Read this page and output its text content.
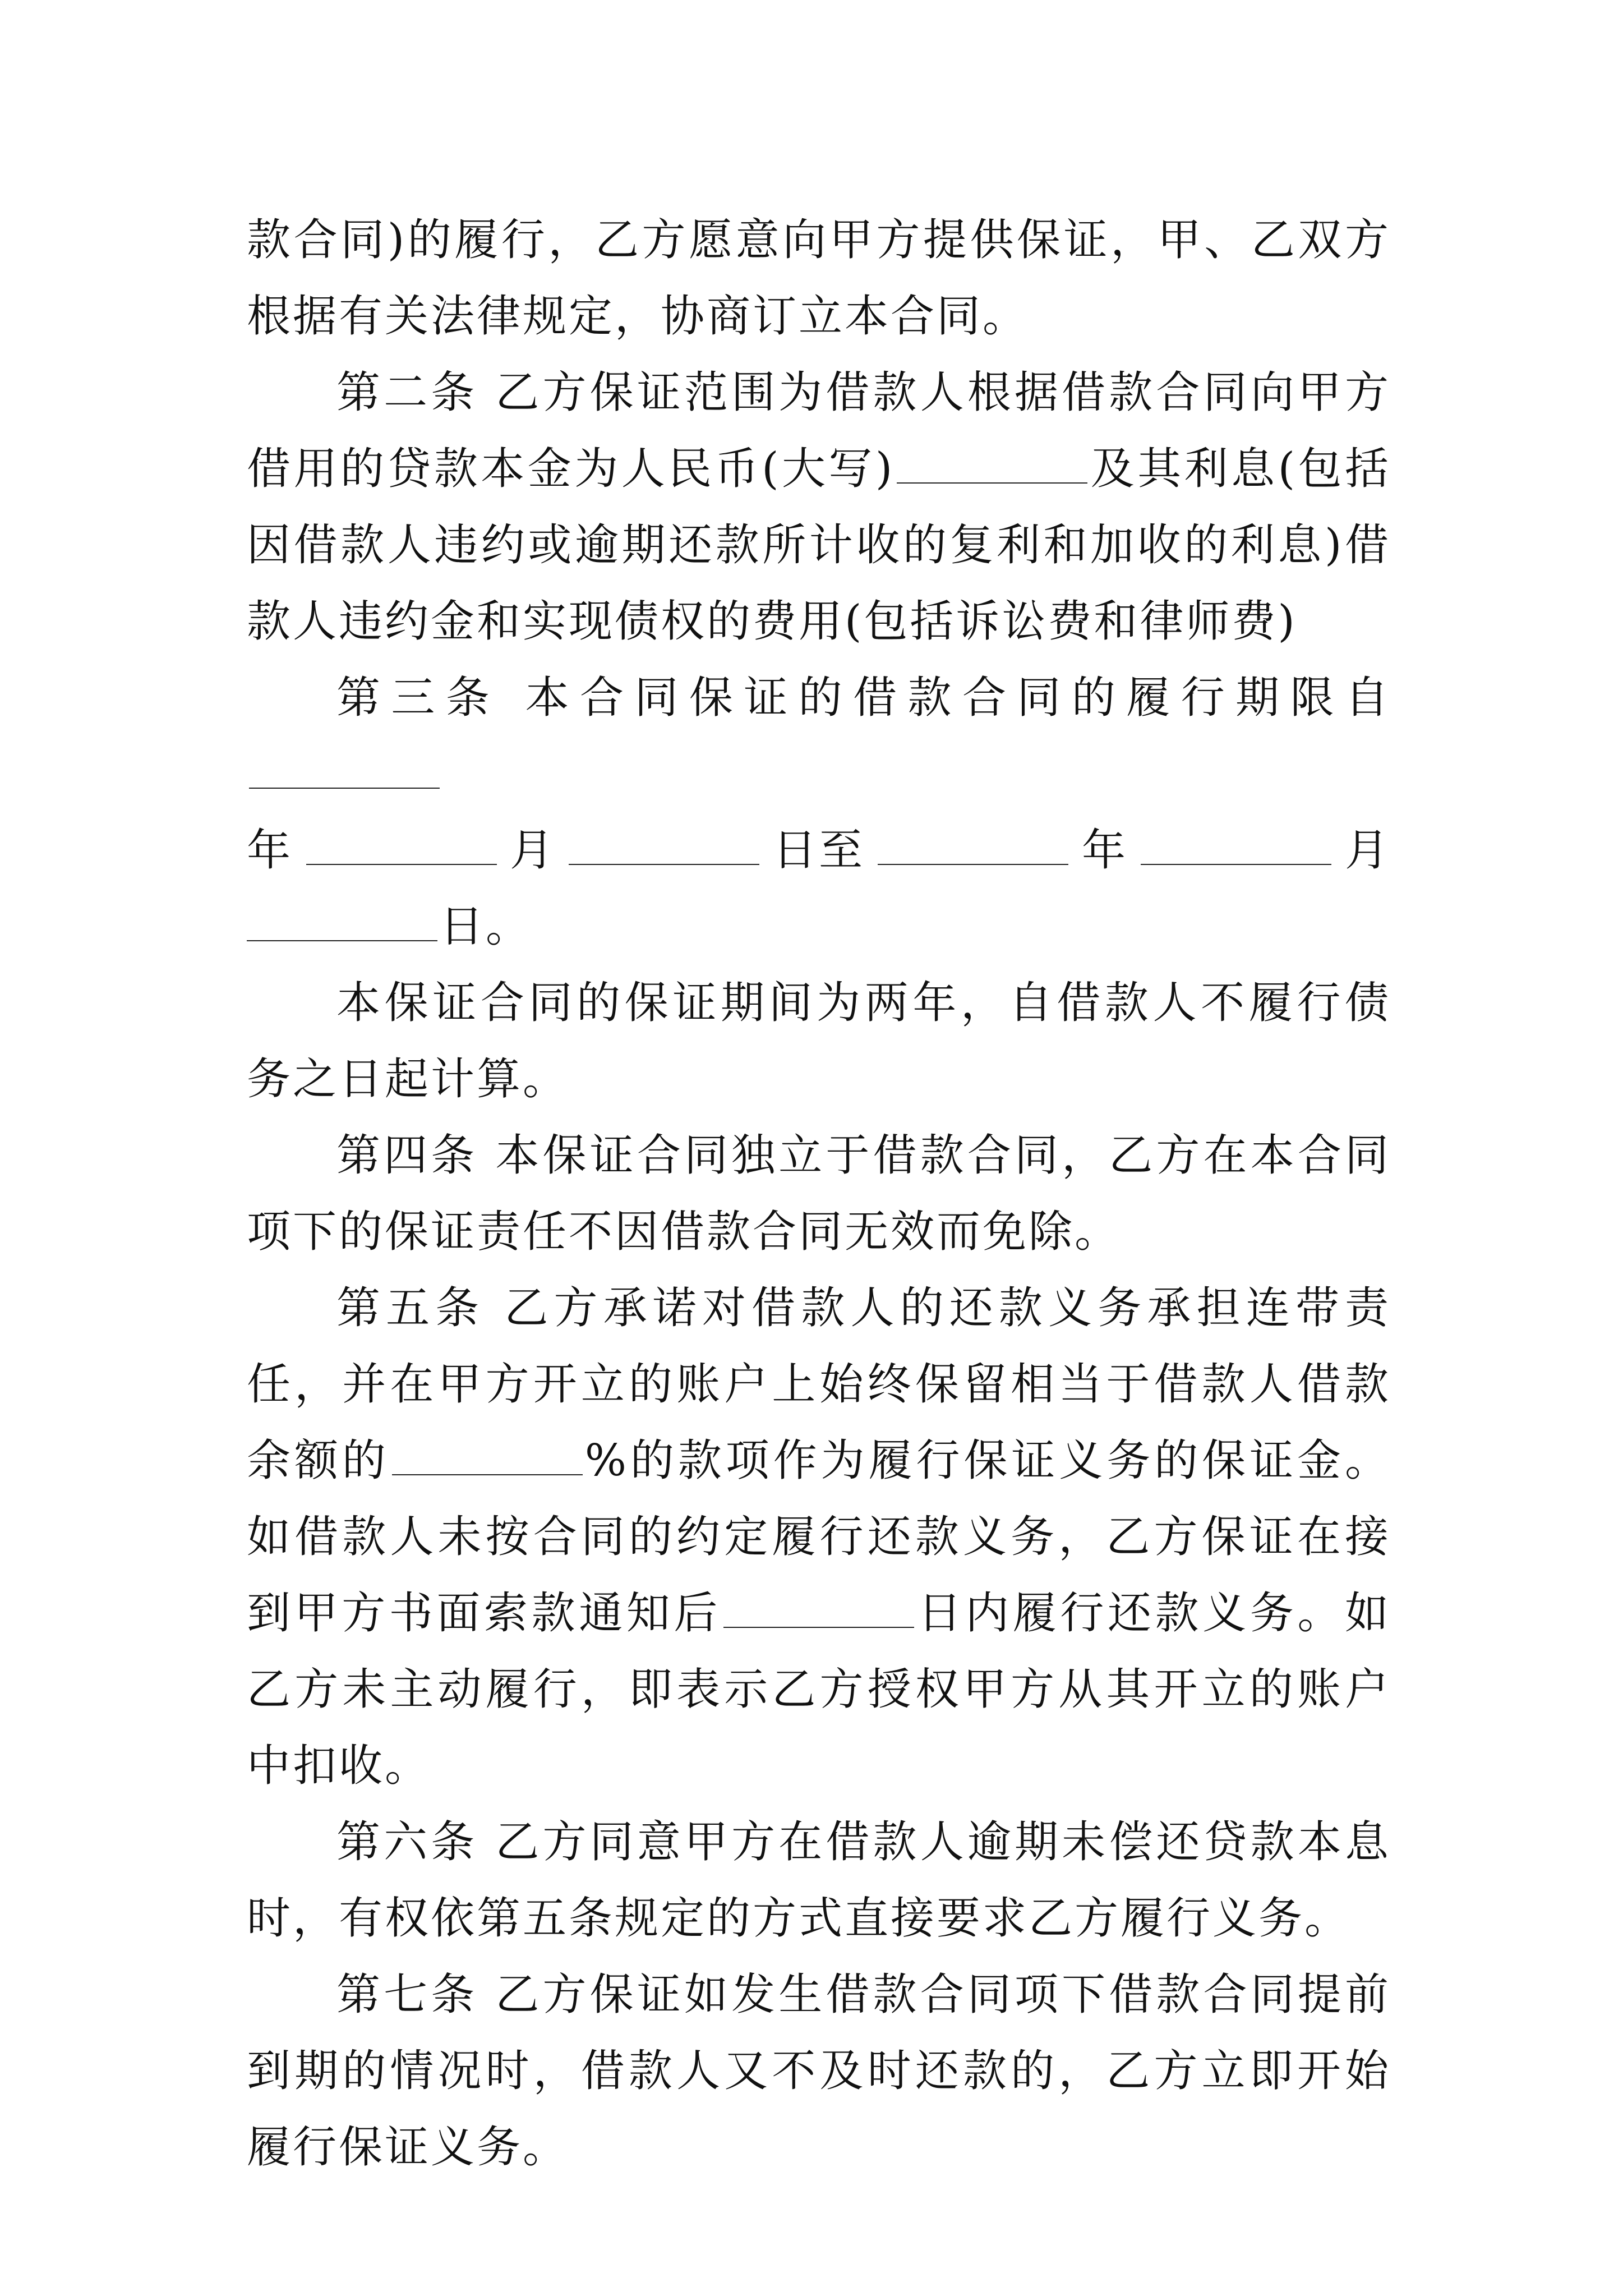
款合同)的履行，乙方愿意向甲方提供保证，甲、乙双方根据有关法律规定，协商订立本合同。

第二条 乙方保证范围为借款人根据借款合同向甲方借用的贷款本金为人民币(大写)	及其利息(包括因借款人违约或逾期还款所计收的复利和加收的利息)借款人违约金和实现债权的费用(包括诉讼费和律师费)

第三条 本合同保证的借款合同的履行期限自

年	月	日至	年	月

日。

本保证合同的保证期间为两年，自借款人不履行债务之日起计算。

第四条 本保证合同独立于借款合同，乙方在本合同项下的保证责任不因借款合同无效而免除。

第五条 乙方承诺对借款人的还款义务承担连带责任，并在甲方开立的账户上始终保留相当于借款人借款余额的	%的款项作为履行保证义务的保证金。如借款人未按合同的约定履行还款义务，乙方保证在接到甲方书面索款通知后	日内履行还款义务。如乙方未主动履行，即表示乙方授权甲方从其开立的账户中扣收。

第六条 乙方同意甲方在借款人逾期未偿还贷款本息时，有权依第五条规定的方式直接要求乙方履行义务。

第七条 乙方保证如发生借款合同项下借款合同提前到期的情况时，借款人又不及时还款的，乙方立即开始履行保证义务。
